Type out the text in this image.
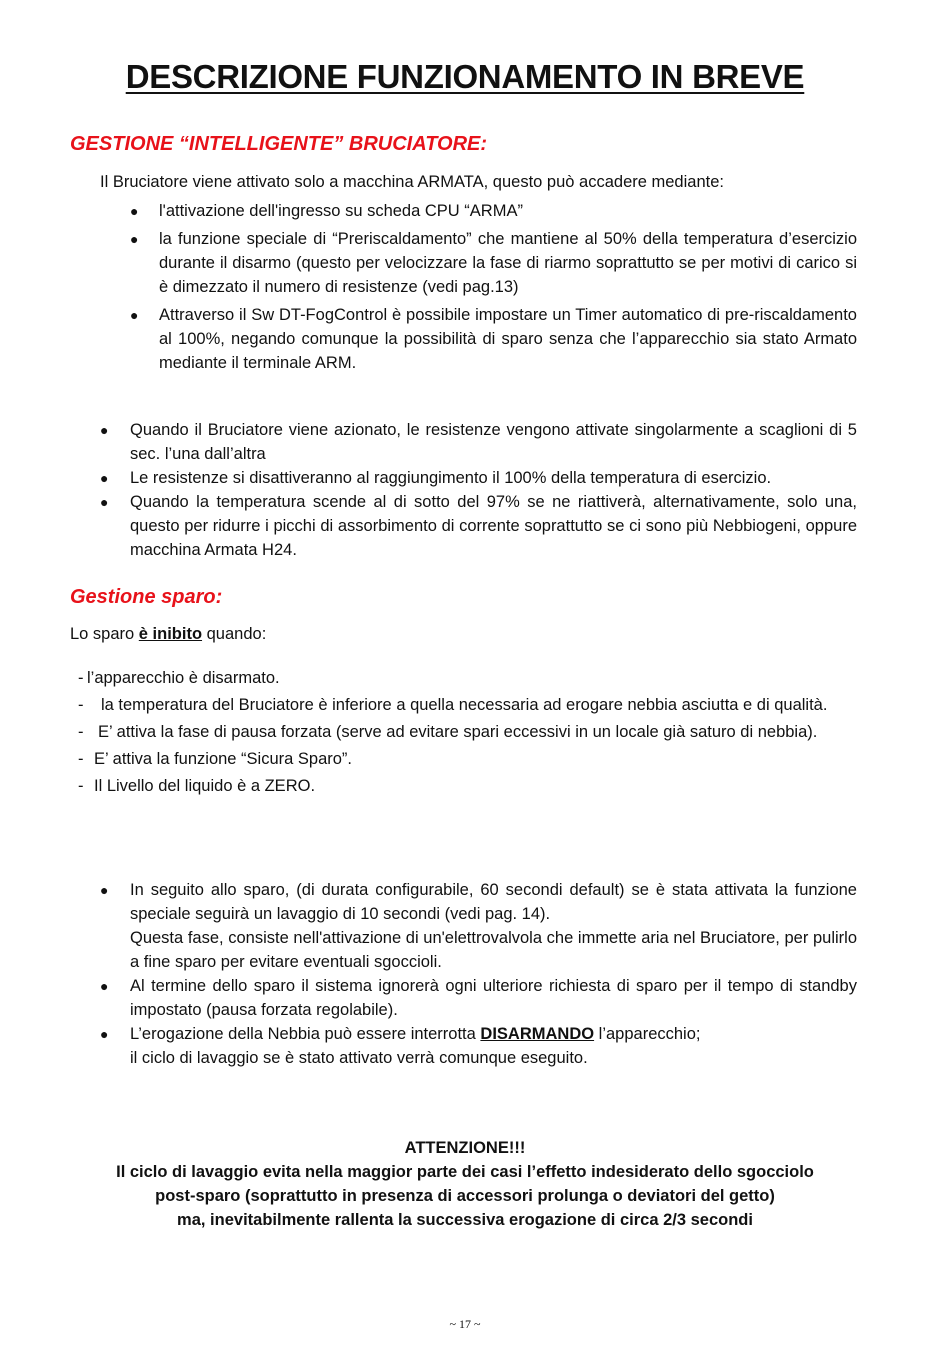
DESCRIZIONE FUNZIONAMENTO IN BREVE
GESTIONE “INTELLIGENTE” BRUCIATORE:
Il Bruciatore viene attivato solo a macchina ARMATA, questo può accadere mediante:
● l'attivazione dell'ingresso su scheda CPU “ARMA”
● la funzione speciale di “Preriscaldamento” che mantiene al 50% della temperatura d’esercizio durante il disarmo (questo per velocizzare la fase di riarmo soprattutto se per motivi di carico si è dimezzato il numero di resistenze (vedi pag.13)
● Attraverso il Sw DT-FogControl è possibile impostare un Timer automatico di pre-riscaldamento al 100%, negando comunque la possibilità di sparo senza che l’apparecchio sia stato Armato mediante il terminale ARM.
● Quando il Bruciatore viene azionato, le resistenze vengono attivate singolarmente a scaglioni di 5 sec. l’una dall’altra
● Le resistenze si disattiveranno al raggiungimento il 100% della temperatura di esercizio.
● Quando la temperatura scende al di sotto del 97% se ne riattiverà, alternativamente, solo una, questo per ridurre i picchi di assorbimento di corrente soprattutto se ci sono più Nebbiogeni, oppure macchina Armata H24.
Gestione sparo:
Lo sparo è inibito quando:
- l’apparecchio è disarmato.
-	la temperatura del Bruciatore è inferiore a quella necessaria ad erogare nebbia asciutta e di qualità.
- E’ attiva la fase di pausa forzata (serve ad evitare spari eccessivi in un locale già saturo di nebbia).
- E’ attiva la funzione “Sicura Sparo”.
- Il Livello del liquido è a ZERO.
● In seguito allo sparo, (di durata configurabile, 60 secondi default) se è stata attivata la funzione speciale seguirà un lavaggio di 10 secondi (vedi pag. 14).
Questa fase, consiste nell'attivazione di un'elettrovalvola che immette aria nel Bruciatore, per pulirlo a fine sparo per evitare eventuali sgoccioli.
● Al termine dello sparo il sistema ignorerà ogni ulteriore richiesta di sparo per il tempo di standby impostato (pausa forzata regolabile).
● L’erogazione della Nebbia può essere interrotta DISARMANDO l’apparecchio;
il ciclo di lavaggio se è stato attivato verrà comunque eseguito.
ATTENZIONE!!!
Il ciclo di lavaggio evita nella maggior parte dei casi l’effetto indesiderato dello sgocciolo
post-sparo (soprattutto in presenza di accessori prolunga o deviatori del getto)
ma, inevitabilmente rallenta la successiva erogazione di circa 2/3 secondi
~ 17 ~
